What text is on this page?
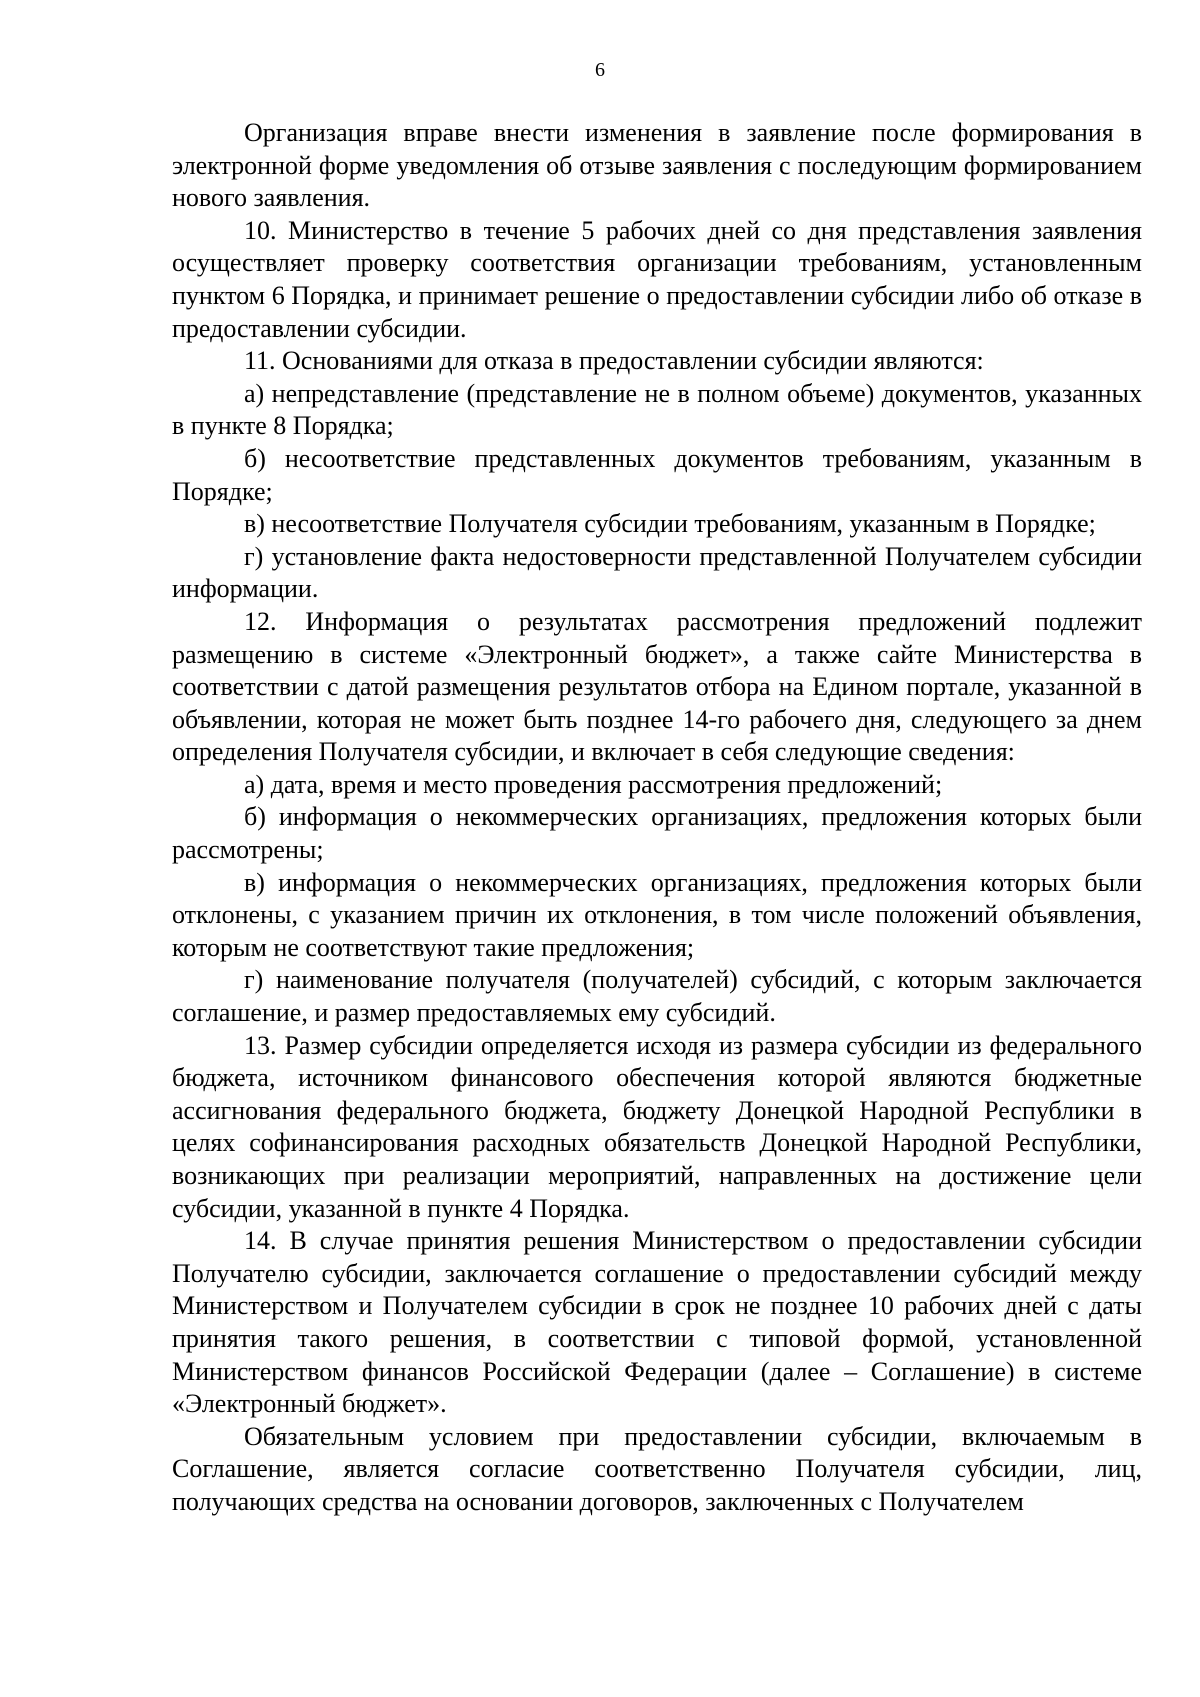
6

Организация вправе внести изменения в заявление после формирования в электронной форме уведомления об отзыве заявления с последующим формированием нового заявления.

10. Министерство в течение 5 рабочих дней со дня представления заявления осуществляет проверку соответствия организации требованиям, установленным пунктом 6 Порядка, и принимает решение о предоставлении субсидии либо об отказе в предоставлении субсидии.

11. Основаниями для отказа в предоставлении субсидии являются:

а) непредставление (представление не в полном объеме) документов, указанных в пункте 8 Порядка;

б) несоответствие представленных документов требованиям, указанным в Порядке;

в) несоответствие Получателя субсидии требованиям, указанным в Порядке;

г) установление факта недостоверности представленной Получателем субсидии информации.

12. Информация о результатах рассмотрения предложений подлежит размещению в системе «Электронный бюджет», а также сайте Министерства в соответствии с датой размещения результатов отбора на Едином портале, указанной в объявлении, которая не может быть позднее 14-го рабочего дня, следующего за днем определения Получателя субсидии, и включает в себя следующие сведения:

а) дата, время и место проведения рассмотрения предложений;

б) информация о некоммерческих организациях, предложения которых были рассмотрены;

в) информация о некоммерческих организациях, предложения которых были отклонены, с указанием причин их отклонения, в том числе положений объявления, которым не соответствуют такие предложения;

г) наименование получателя (получателей) субсидий, с которым заключается соглашение, и размер предоставляемых ему субсидий.

13. Размер субсидии определяется исходя из размера субсидии из федерального бюджета, источником финансового обеспечения которой являются бюджетные ассигнования федерального бюджета, бюджету Донецкой Народной Республики в целях софинансирования расходных обязательств Донецкой Народной Республики, возникающих при реализации мероприятий, направленных на достижение цели субсидии, указанной в пункте 4 Порядка.

14. В случае принятия решения Министерством о предоставлении субсидии Получателю субсидии, заключается соглашение о предоставлении субсидий между Министерством и Получателем субсидии в срок не позднее 10 рабочих дней с даты принятия такого решения, в соответствии с типовой формой, установленной Министерством финансов Российской Федерации (далее – Соглашение) в системе «Электронный бюджет».

Обязательным условием при предоставлении субсидии, включаемым в Соглашение, является согласие соответственно Получателя субсидии, лиц, получающих средства на основании договоров, заключенных с Получателем
